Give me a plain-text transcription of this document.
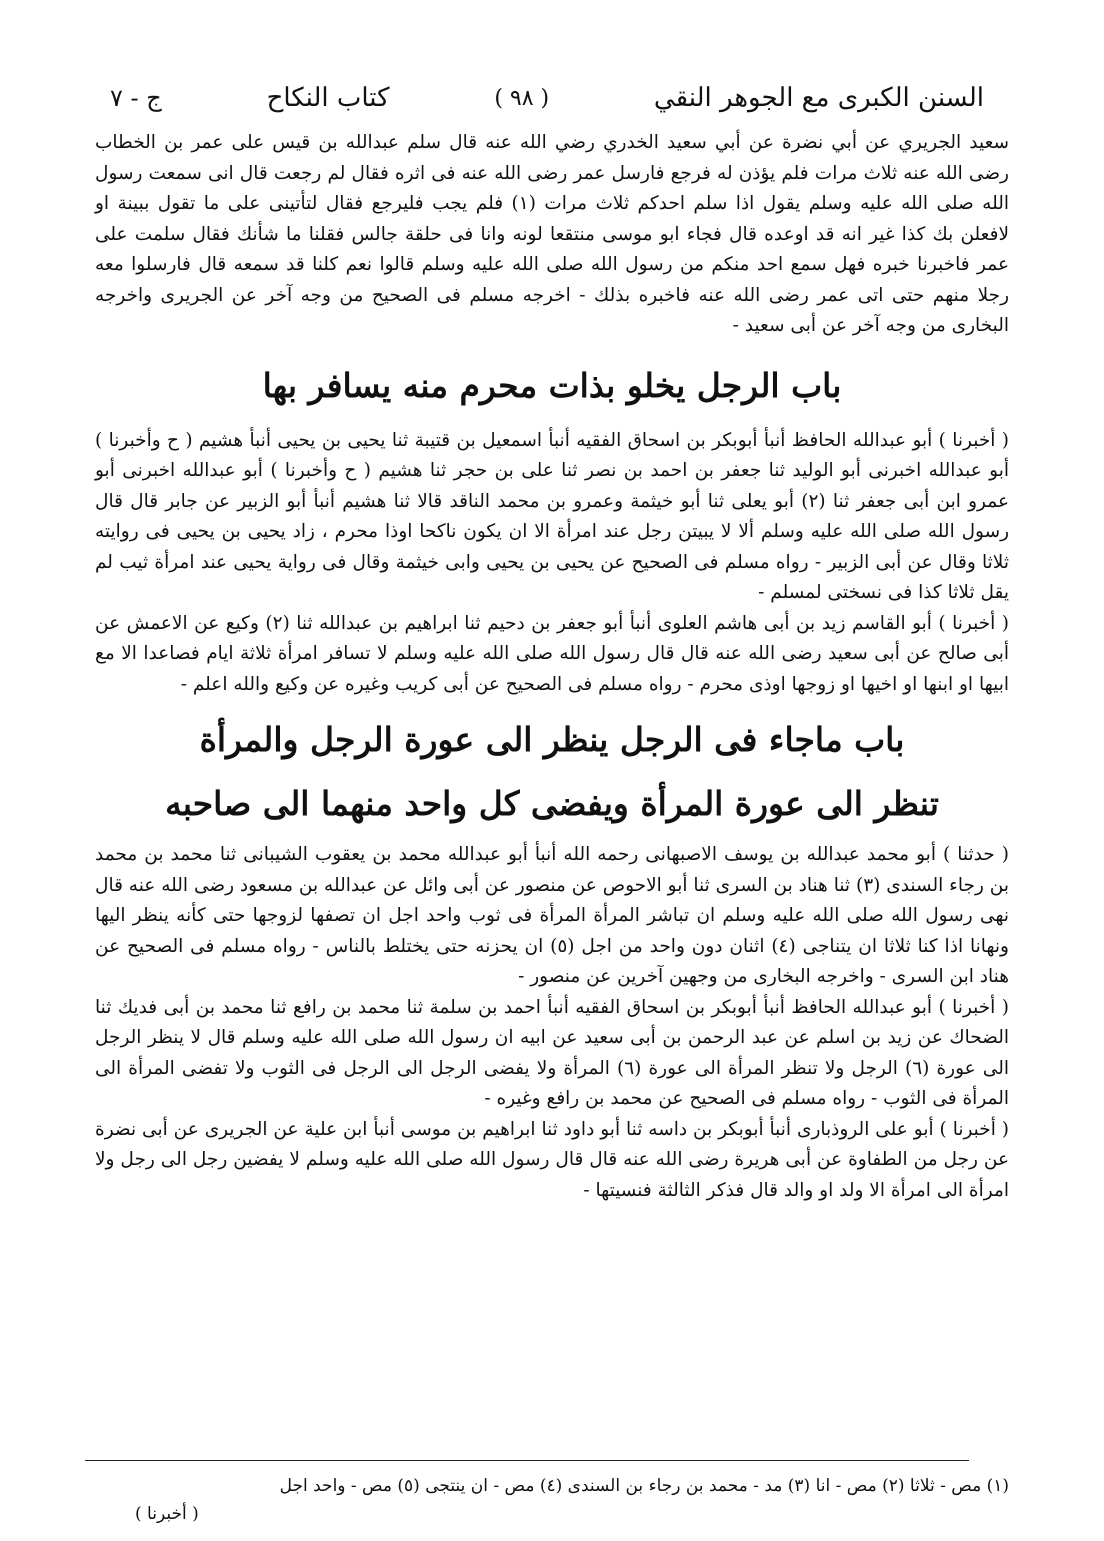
السنن الكبرى مع الجوهر النقي
( ۹۸ )
كتاب النكاح
ج - ٧

سعيد الجريري عن أبي نضرة عن أبي سعيد الخدري رضي الله عنه قال سلم عبدالله بن قيس على عمر بن الخطاب رضى الله عنه ثلاث مرات فلم يؤذن له فرجع فارسل عمر رضى الله عنه فى اثره فقال لم رجعت قال انى سمعت رسول الله صلى الله عليه وسلم يقول اذا سلم احدكم ثلاث مرات (١) فلم يجب فليرجع فقال لتأتينى على ما تقول ببينة او لافعلن بك كذا غير انه قد اوعده قال فجاء ابو موسى منتقعا لونه وانا فى حلقة جالس فقلنا ما شأنك فقال سلمت على عمر فاخبرنا خبره فهل سمع احد منكم من رسول الله صلى الله عليه وسلم قالوا نعم كلنا قد سمعه قال فارسلوا معه رجلا منهم حتى اتى عمر رضى الله عنه فاخبره بذلك - اخرجه مسلم فى الصحيح من وجه آخر عن الجريرى واخرجه البخارى من وجه آخر عن أبى سعيد -

باب الرجل يخلو بذات محرم منه يسافر بها

( أخبرنا ) أبو عبدالله الحافظ أنبأ أبوبكر بن اسحاق الفقيه أنبأ اسمعيل بن قتيبة ثنا يحيى بن يحيى أنبأ هشيم ( ح وأخبرنا ) أبو عبدالله اخبرنى أبو الوليد ثنا جعفر بن احمد بن نصر ثنا على بن حجر ثنا هشيم ( ح وأخبرنا ) أبو عبدالله اخبرنى أبو عمرو ابن أبى جعفر ثنا (٢) أبو يعلى ثنا أبو خيثمة وعمرو بن محمد الناقد قالا ثنا هشيم أنبأ أبو الزبير عن جابر قال قال رسول الله صلى الله عليه وسلم ألا لا يبيتن رجل عند امرأة الا ان يكون ناكحا اوذا محرم ، زاد يحيى بن يحيى فى روايته ثلاثا وقال عن أبى الزبير - رواه مسلم فى الصحيح عن يحيى بن يحيى وابى خيثمة وقال فى رواية يحيى عند امرأة ثيب لم يقل ثلاثا كذا فى نسختى لمسلم -

( أخبرنا ) أبو القاسم زيد بن أبى هاشم العلوى أنبأ أبو جعفر بن دحيم ثنا ابراهيم بن عبدالله ثنا (٢) وكيع عن الاعمش عن أبى صالح عن أبى سعيد رضى الله عنه قال قال رسول الله صلى الله عليه وسلم لا تسافر امرأة ثلاثة ايام فصاعدا الا مع ابيها او ابنها او اخيها او زوجها اوذى محرم - رواه مسلم فى الصحيح عن أبى كريب وغيره عن وكيع والله اعلم -

باب ماجاء فى الرجل ينظر الى عورة الرجل والمرأة
تنظر الى عورة المرأة ويفضى كل واحد منهما الى صاحبه

( حدثنا ) أبو محمد عبدالله بن يوسف الاصبهانى رحمه الله أنبأ أبو عبدالله محمد بن يعقوب الشيبانى ثنا محمد بن محمد بن رجاء السندى (٣) ثنا هناد بن السرى ثنا أبو الاحوص عن منصور عن أبى وائل عن عبدالله بن مسعود رضى الله عنه قال نهى رسول الله صلى الله عليه وسلم ان تباشر المرأة المرأة فى ثوب واحد اجل ان تصفها لزوجها حتى كأنه ينظر اليها ونهانا اذا كنا ثلاثا ان يتناجى (٤) اثنان دون واحد من اجل (٥) ان يحزنه حتى يختلط بالناس - رواه مسلم فى الصحيح عن هناد ابن السرى - واخرجه البخارى من وجهين آخرين عن منصور -

( أخبرنا ) أبو عبدالله الحافظ أنبأ أبوبكر بن اسحاق الفقيه أنبأ احمد بن سلمة ثنا محمد بن رافع ثنا محمد بن أبى فديك ثنا الضحاك عن زيد بن اسلم عن عبد الرحمن بن أبى سعيد عن ابيه ان رسول الله صلى الله عليه وسلم قال لا ينظر الرجل الى عورة (٦) الرجل ولا تنظر المرأة الى عورة (٦) المرأة ولا يفضى الرجل الى الرجل فى الثوب ولا تفضى المرأة الى المرأة فى الثوب - رواه مسلم فى الصحيح عن محمد بن رافع وغيره -

( أخبرنا ) أبو على الروذبارى أنبأ أبوبكر بن داسه ثنا أبو داود ثنا ابراهيم بن موسى أنبأ ابن علية عن الجريرى عن أبى نضرة عن رجل من الطفاوة عن أبى هريرة رضى الله عنه قال قال رسول الله صلى الله عليه وسلم لا يفضين رجل الى رجل ولا امرأة الى امرأة الا ولد او والد قال فذكر الثالثة فنسيتها -

(١) مص - ثلاثا (٢) مص - انا (٣) مد - محمد بن رجاء بن السندى (٤) مص - ان ينتجى (٥) مص - واحد اجل

( أخبرنا )
